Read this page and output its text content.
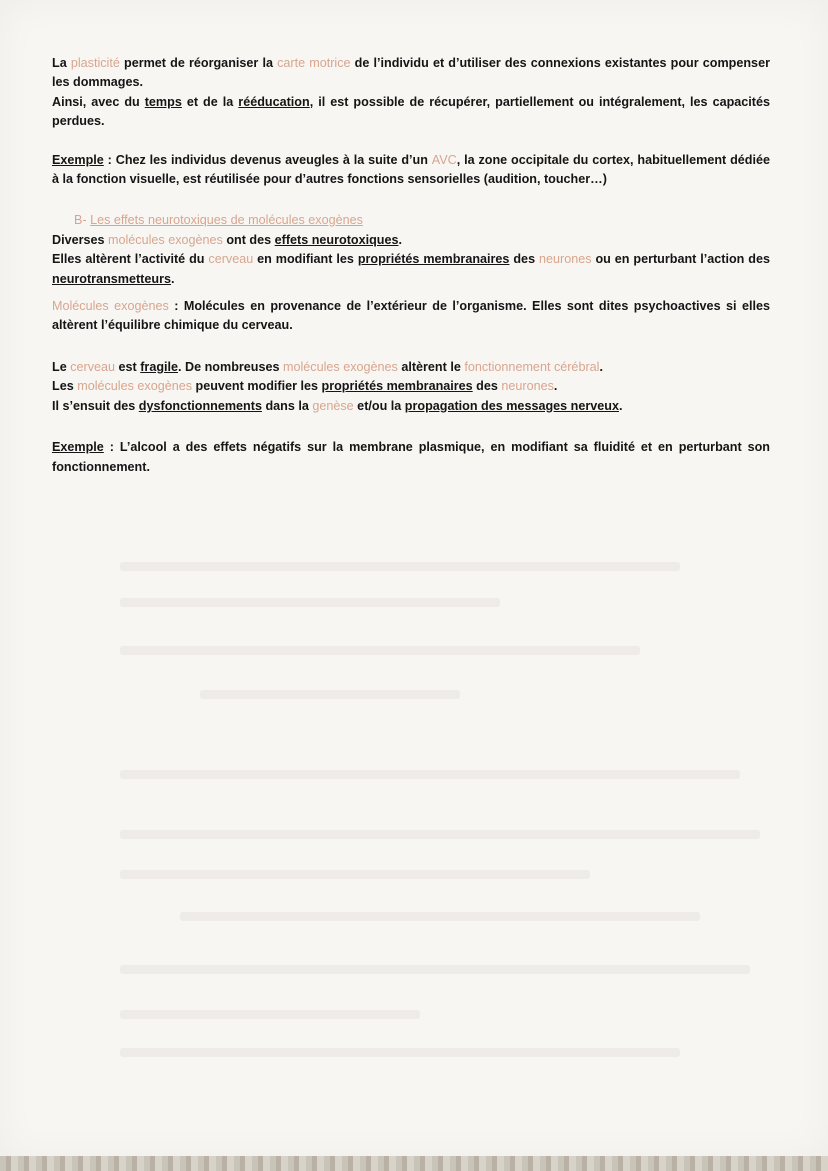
La plasticité permet de réorganiser la carte motrice de l’individu et d’utiliser des connexions existantes pour compenser les dommages.

Ainsi, avec du temps et de la rééducation, il est possible de récupérer, partiellement ou intégralement, les capacités perdues.

Exemple : Chez les individus devenus aveugles à la suite d’un AVC, la zone occipitale du cortex, habituellement dédiée à la fonction visuelle, est réutilisée pour d’autres fonctions sensorielles (audition, toucher…)

B- Les effets neurotoxiques de molécules exogènes

Diverses molécules exogènes ont des effets neurotoxiques.

Elles altèrent l’activité du cerveau en modifiant les propriétés membranaires des neurones ou en perturbant l’action des neurotransmetteurs.

Molécules exogènes : Molécules en provenance de l’extérieur de l’organisme. Elles sont dites psychoactives si elles altèrent l’équilibre chimique du cerveau.

Le cerveau est fragile. De nombreuses molécules exogènes altèrent le fonctionnement cérébral.

Les molécules exogènes peuvent modifier les propriétés membranaires des neurones.

Il s’ensuit des dysfonctionnements dans la genèse et/ou la propagation des messages nerveux.

Exemple : L’alcool a des effets négatifs sur la membrane plasmique, en modifiant sa fluidité et en perturbant son fonctionnement.
